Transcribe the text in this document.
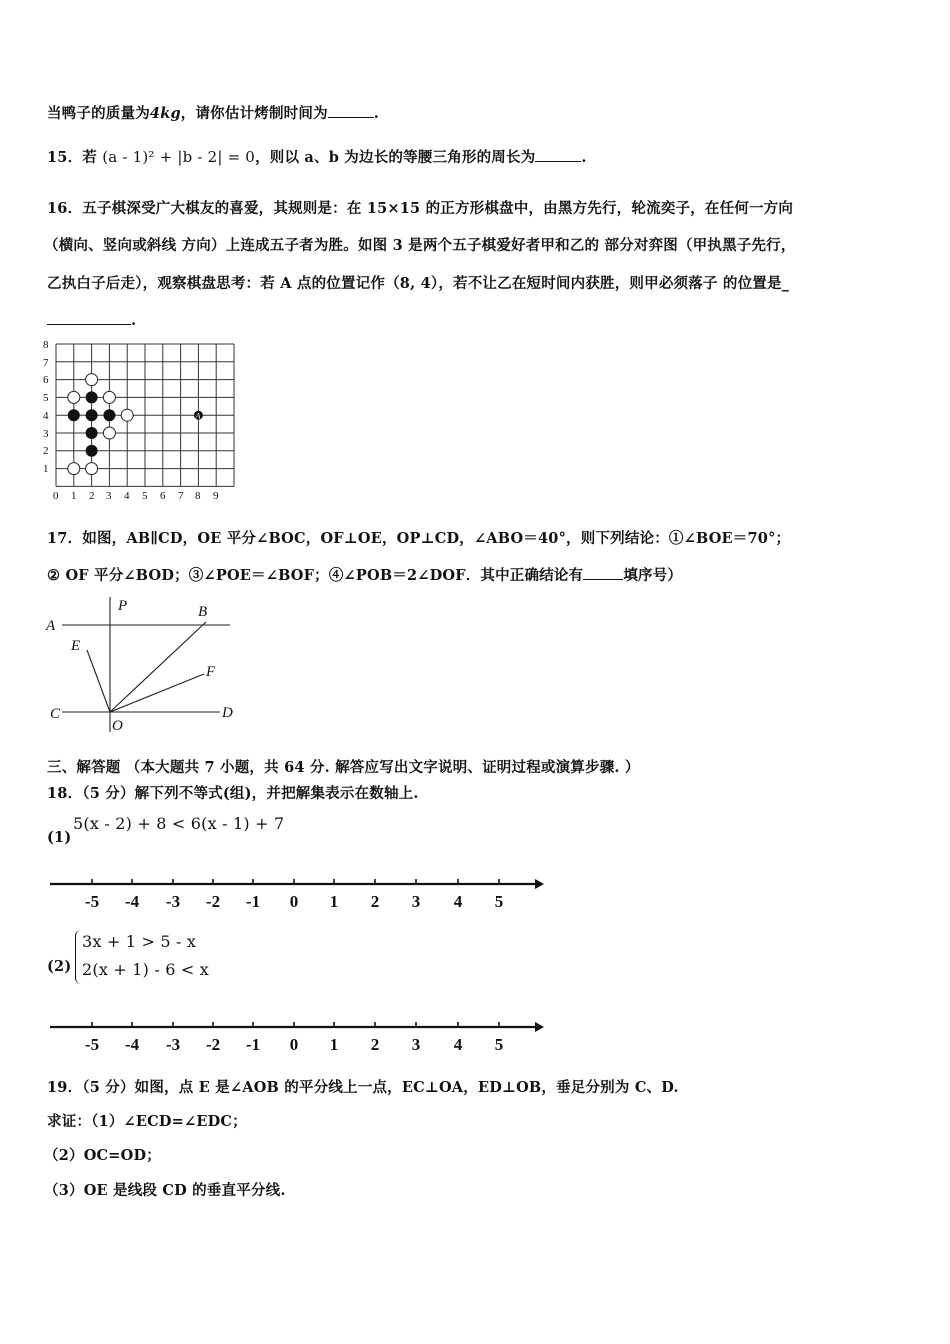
当鸭子的质量为4kg，请你估计烤制时间为	.
15．若 (a - 1)² + |b - 2| = 0，则以 a、b 为边长的等腰三角形的周长为	.
16．五子棋深受广大棋友的喜爱，其规则是：在 15×15 的正方形棋盘中，由黑方先行，轮流奕子，在任何一方向
（横向、竖向或斜线 方向）上连成五子者为胜。如图 3 是两个五子棋爱好者甲和乙的 部分对弈图（甲执黑子先行，
乙执白子后走），观察棋盘思考：若 A 点的位置记作（8, 4），若不让乙在短时间内获胜，则甲必须落子 的位置是_
.
8
7
6
5
4
3
2
1
0 1 2 3 4 5 6 7 8 9
A
17．如图，AB∥CD，OE 平分∠BOC，OF⊥OE，OP⊥CD，∠ABO＝40°，则下列结论：①∠BOE＝70°；
② OF 平分∠BOD；③∠POE＝∠BOF；④∠POB＝2∠DOF．其中正确结论有	填序号）
A
P	B
E
F
C
O
D
三、解答题 （本大题共 7 小题，共 64 分. 解答应写出文字说明、证明过程或演算步骤. ）
18．（5 分）解下列不等式(组)，并把解集表示在数轴上.
(1)
5(x - 2) + 8 < 6(x - 1) + 7
-5 -4 -3 -2 -1 0 1 2 3 4 5
(2)
3x + 1 > 5 - x
2(x + 1) - 6 < x
-5 -4 -3 -2 -1 0 1 2 3 4 5
19．（5 分）如图，点 E 是∠AOB 的平分线上一点，EC⊥OA，ED⊥OB，垂足分别为 C、D.
求证：（1）∠ECD=∠EDC；
（2）OC=OD；
（3）OE 是线段 CD 的垂直平分线.
